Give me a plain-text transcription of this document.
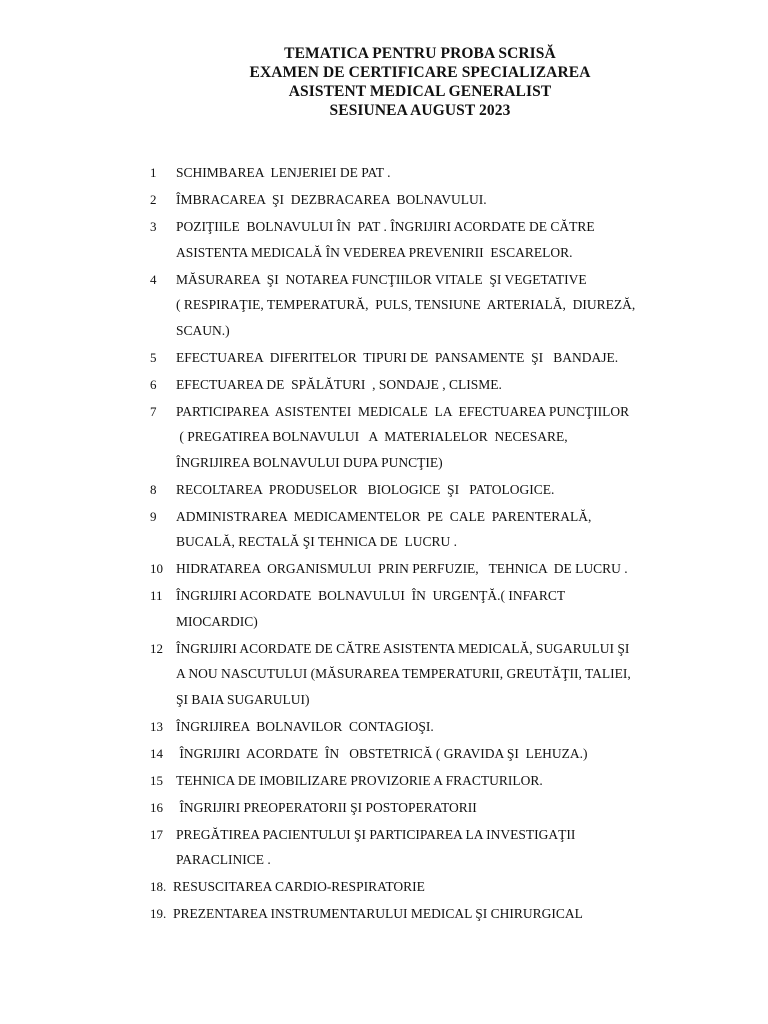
TEMATICA PENTRU PROBA SCRISĂ
EXAMEN DE CERTIFICARE SPECIALIZAREA
ASISTENT MEDICAL GENERALIST
SESIUNEA AUGUST 2023
1	SCHIMBAREA  LENJERIEI DE PAT .
2	ÎMBRACAREA  ŞI  DEZBRACAREA  BOLNAVULUI.
3	POZIŢIILE  BOLNAVULUI ÎN  PAT . ÎNGRIJIRI ACORDATE DE CĂTRE
ASISTENTA MEDICALĂ ÎN VEDEREA PREVENIRII  ESCARELOR.
4	MĂSURAREA  ŞI  NOTAREA FUNCŢIILOR VITALE  ŞI VEGETATIVE
( RESPIRAŢIE, TEMPERATURĂ,  PULS, TENSIUNE  ARTERIALĂ,  DIUREZĂ,
SCAUN.)
5	EFECTUAREA  DIFERITELOR  TIPURI DE  PANSAMENTE  ŞI   BANDAJE.
6	EFECTUAREA DE  SPĂLĂTURI  , SONDAJE , CLISME.
7	PARTICIPAREA  ASISTENTEI  MEDICALE  LA  EFECTUAREA PUNCŢIILOR
( PREGATIREA BOLNAVULUI   A  MATERIALELOR  NECESARE,
ÎNGRIJIREA BOLNAVULUI DUPA PUNCŢIE)
8	RECOLTAREA  PRODUSELOR   BIOLOGICE  ŞI   PATOLOGICE.
9	ADMINISTRAREA  MEDICAMENTELOR  PE  CALE  PARENTERALĂ,
BUCALĂ, RECTALĂ ŞI TEHNICA DE  LUCRU .
10 HIDRATAREA  ORGANISMULUI  PRIN PERFUZIE,   TEHNICA  DE LUCRU .
11 ÎNGRIJIRI ACORDATE  BOLNAVULUI  ÎN  URGENŢĂ.( INFARCT
MIOCARDIC)
12 ÎNGRIJIRI ACORDATE DE CĂTRE ASISTENTA MEDICALĂ, SUGARULUI ŞI
A NOU NASCUTULUI (MĂSURAREA TEMPERATURII, GREUTĂŢII, TALIEI,
ŞI BAIA SUGARULUI)
13 ÎNGRIJIREA  BOLNAVILOR  CONTAGIOŞI.
14 ÎNGRIJIRI  ACORDATE  ÎN   OBSTETRICĂ ( GRAVIDA ŞI  LEHUZA.)
15 TEHNICA DE IMOBILIZARE PROVIZORIE A FRACTURILOR.
16 ÎNGRIJIRI PREOPERATORII ŞI POSTOPERATORII
17 PREGĂTIREA PACIENTULUI ŞI PARTICIPAREA LA INVESTIGAŢII
PARACLINICE .
18. RESUSCITAREA CARDIO-RESPIRATORIE
19. PREZENTAREA INSTRUMENTARULUI MEDICAL ŞI CHIRURGICAL
